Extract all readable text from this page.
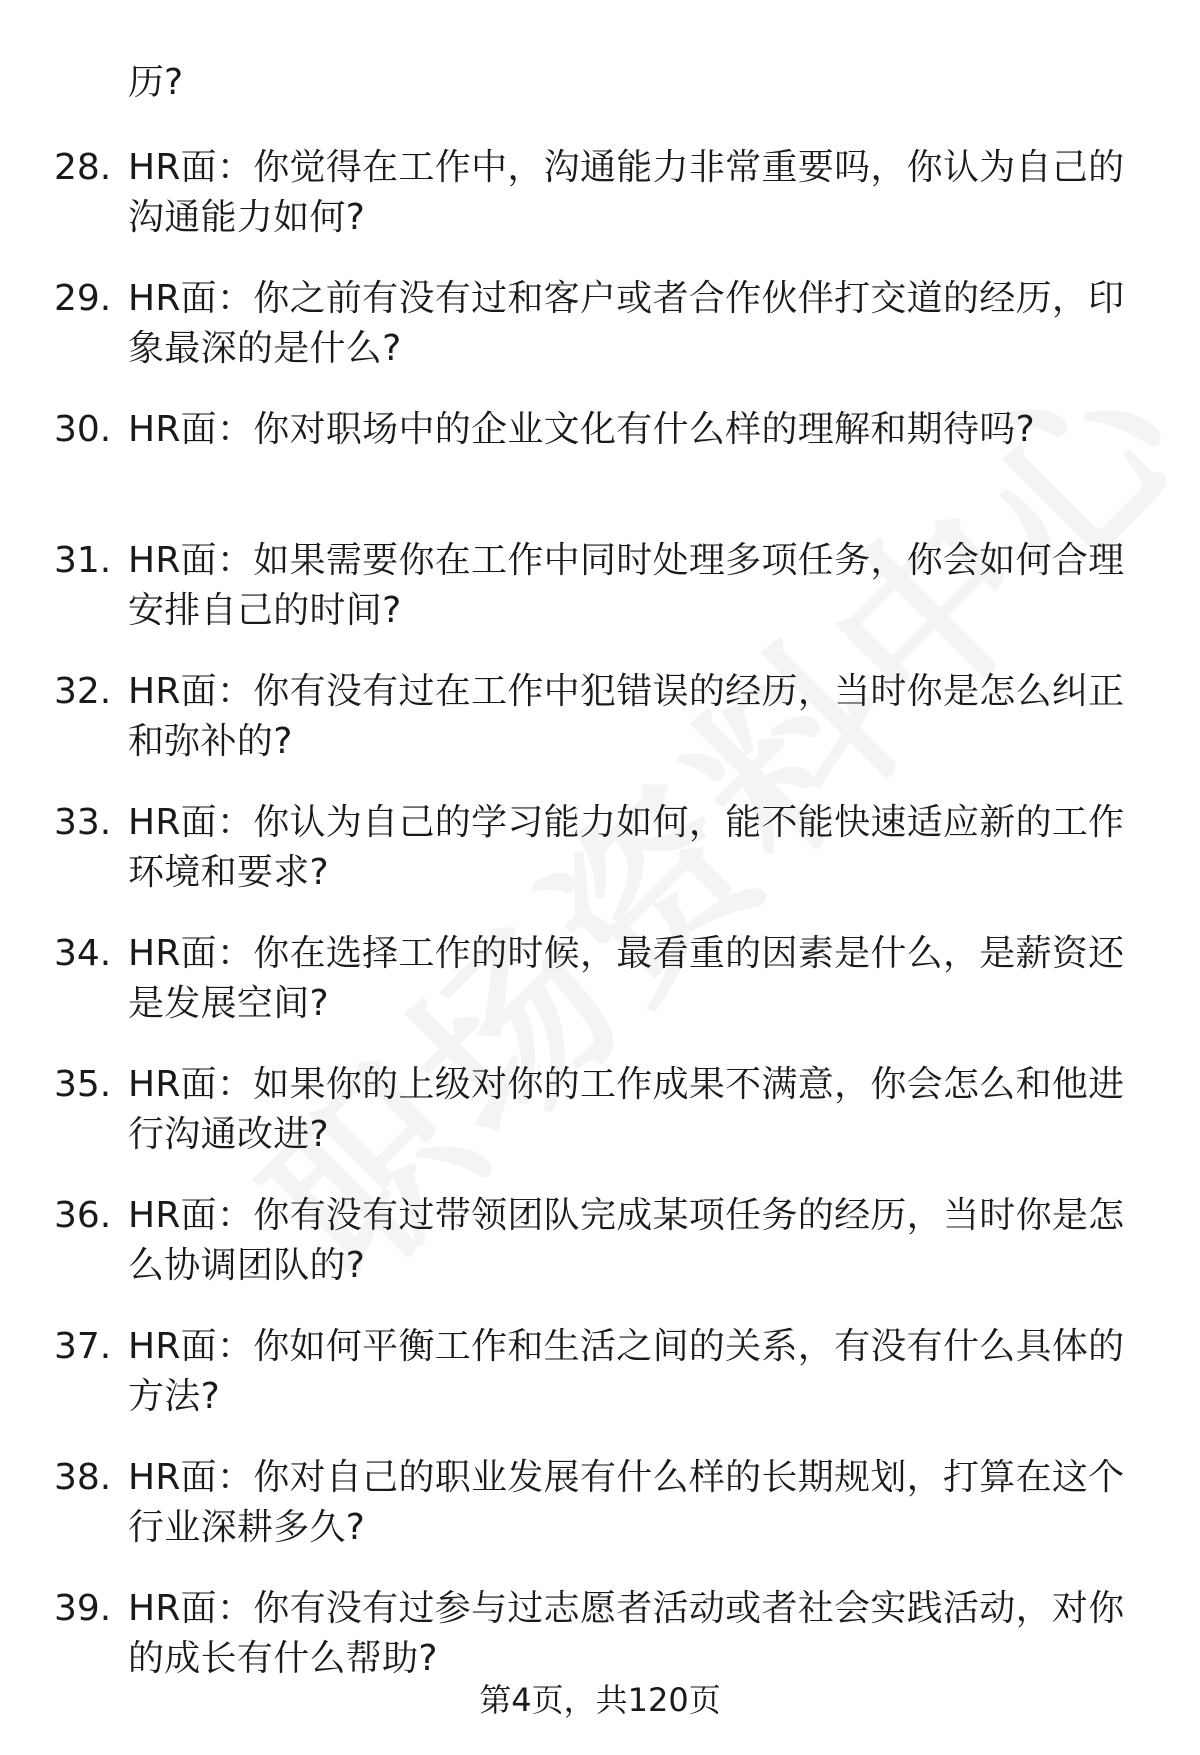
历?
28. HR面：你觉得在工作中，沟通能力非常重要吗，你认为自己的沟通能力如何?
29. HR面：你之前有没有过和客户或者合作伙伴打交道的经历，印象最深的是什么?
30. HR面：你对职场中的企业文化有什么样的理解和期待吗?
31. HR面：如果需要你在工作中同时处理多项任务，你会如何合理安排自己的时间?
32. HR面：你有没有过在工作中犯错误的经历，当时你是怎么纠正和弥补的?
33. HR面：你认为自己的学习能力如何，能不能快速适应新的工作环境和要求?
34. HR面：你在选择工作的时候，最看重的因素是什么，是薪资还是发展空间?
35. HR面：如果你的上级对你的工作成果不满意，你会怎么和他进行沟通改进?
36. HR面：你有没有过带领团队完成某项任务的经历，当时你是怎么协调团队的?
37. HR面：你如何平衡工作和生活之间的关系，有没有什么具体的方法?
38. HR面：你对自己的职业发展有什么样的长期规划，打算在这个行业深耕多久?
39. HR面：你有没有过参与过志愿者活动或者社会实践活动，对你的成长有什么帮助?
第4页，共120页
